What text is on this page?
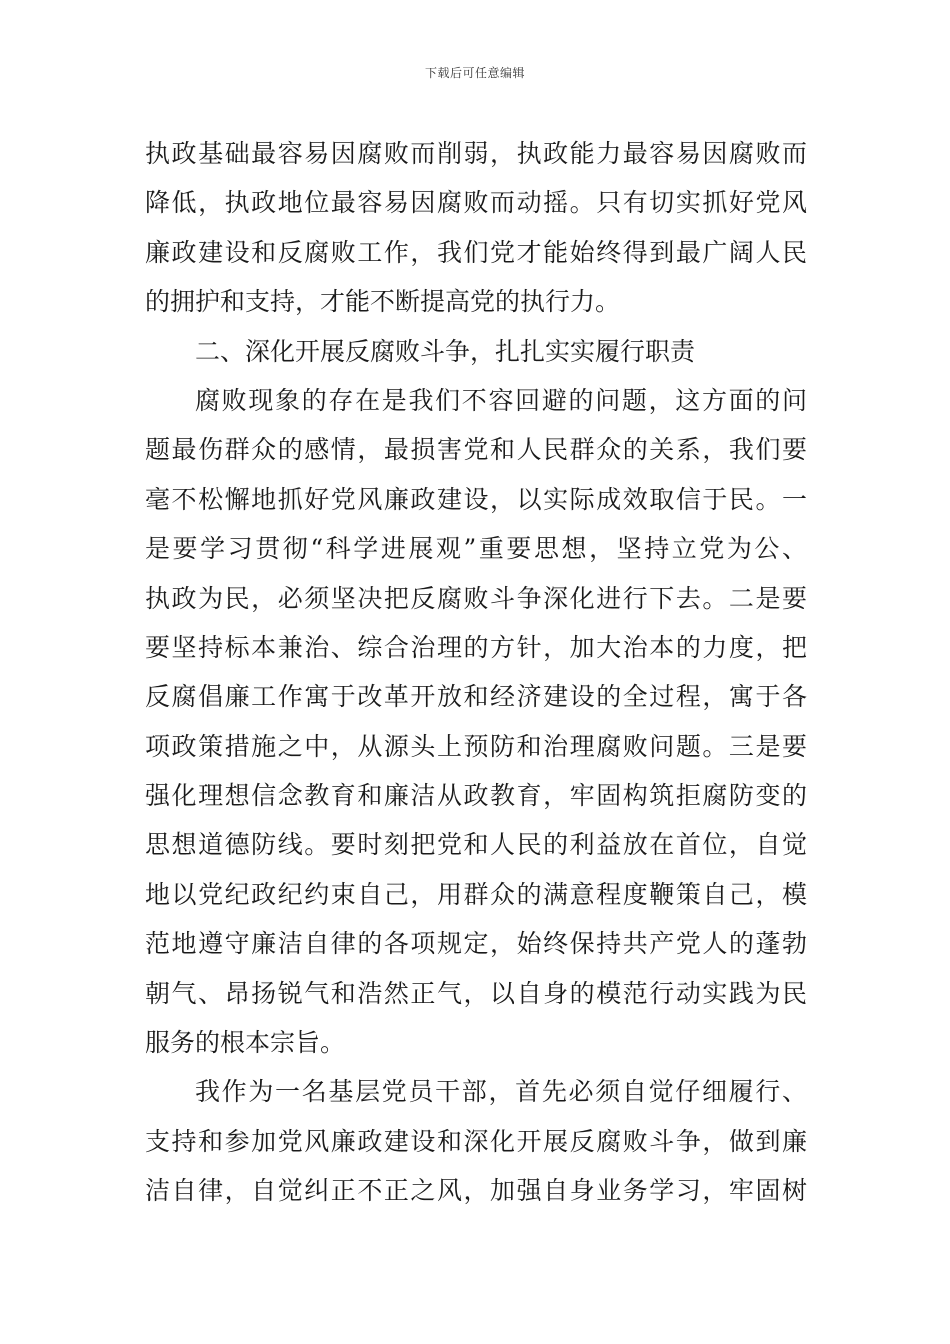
下载后可任意编辑
执政基础最容易因腐败而削弱，执政能力最容易因腐败而
降低，执政地位最容易因腐败而动摇。只有切实抓好党风
廉政建设和反腐败工作，我们党才能始终得到最广阔人民
的拥护和支持，才能不断提高党的执行力。
二、深化开展反腐败斗争，扎扎实实履行职责
腐败现象的存在是我们不容回避的问题，这方面的问
题最伤群众的感情，最损害党和人民群众的关系，我们要
毫不松懈地抓好党风廉政建设，以实际成效取信于民。一
是要学习贯彻“科学进展观”重要思想，坚持立党为公、
执政为民，必须坚决把反腐败斗争深化进行下去。二是要
要坚持标本兼治、综合治理的方针，加大治本的力度，把
反腐倡廉工作寓于改革开放和经济建设的全过程，寓于各
项政策措施之中，从源头上预防和治理腐败问题。三是要
强化理想信念教育和廉洁从政教育，牢固构筑拒腐防变的
思想道德防线。要时刻把党和人民的利益放在首位，自觉
地以党纪政纪约束自己，用群众的满意程度鞭策自己，模
范地遵守廉洁自律的各项规定，始终保持共产党人的蓬勃
朝气、昂扬锐气和浩然正气，以自身的模范行动实践为民
服务的根本宗旨。
我作为一名基层党员干部，首先必须自觉仔细履行、
支持和参加党风廉政建设和深化开展反腐败斗争，做到廉
洁自律，自觉纠正不正之风，加强自身业务学习，牢固树
